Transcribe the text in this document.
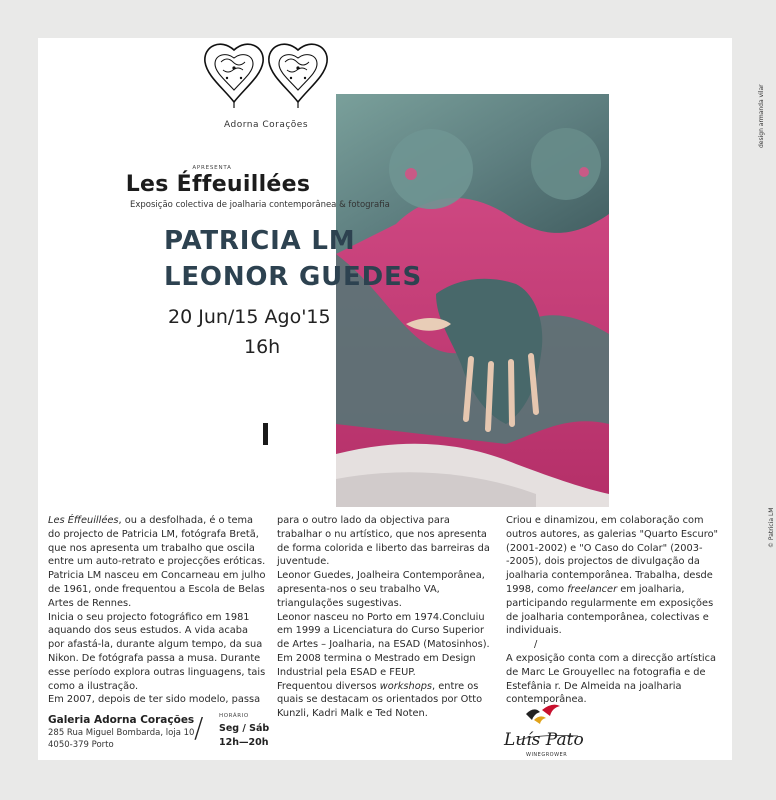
Adorna Corações
APRESENTA
Les Éffeuillées
Exposição colectiva de joalharia contemporânea & fotografia
PATRICIA LM
LEONOR GUEDES
20 Jun/15 Ago'15
16h

Les Éffeuillées, ou a desfolhada, é o tema do projecto de Patricia LM, fotógrafa Bretã, que nos apresenta um trabalho que oscila entre um auto-retrato e projecções eróticas.

Patricia LM nasceu em Concarneau em julho de 1961, onde frequentou a Escola de Belas Artes de Rennes.

Inicia o seu projecto fotográfico em 1981 aquando dos seus estudos. A vida acaba por afastá-la, durante algum tempo, da sua Nikon. De fotógrafa passa a musa. Durante esse período explora outras linguagens, tais como a ilustração.

Em 2007, depois de ter sido modelo, passa

para o outro lado da objectiva para trabalhar o nu artístico, que nos apresenta de forma colorida e liberto das barreiras da juventude.

Leonor Guedes, Joalheira Contemporânea, apresenta-nos o seu trabalho VA, triangulações sugestivas.

Leonor nasceu no Porto em 1974.Concluiu em 1999 a Licenciatura do Curso Superior de Artes – Joalharia, na ESAD (Matosinhos). Em 2008 termina o Mestrado em Design Industrial pela ESAD e FEUP.

Frequentou diversos workshops, entre os quais se destacam os orientados por Otto Kunzli, Kadri Malk e Ted Noten.

Criou e dinamizou, em colaboração com outros autores, as galerias "Quarto Escuro" (2001-2002) e "O Caso do Colar" (2003--2005), dois projectos de divulgação da joalharia contemporânea. Trabalha, desde 1998, como freelancer em joalharia, participando regularmente em exposições de joalharia contemporânea, colectivas e individuais.

/

A exposição conta com a direcção artística de Marc Le Grouyellec na fotografia e de Estefânia r. De Almeida na joalharia contemporânea.

Galeria Adorna Corações
285 Rua Miguel Bombarda, loja 10
4050-379 Porto
/	HORÁRIO
Seg / Sáb
12h—20h	Luís Pato
WINEGROWER
© Patricia LM
design armanda vilar
